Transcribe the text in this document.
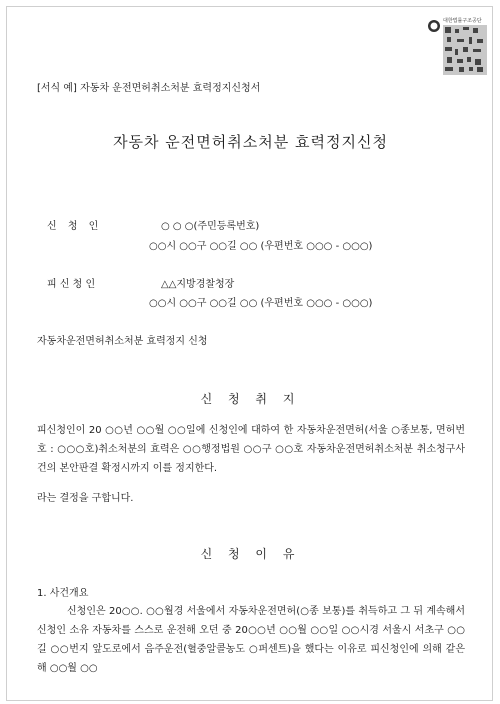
대한법률구조공단
[서식 예] 자동차 운전면허취소처분 효력정지신청서
자동차 운전면허취소처분 효력정지신청
신 청 인	○ ○ ○(주민등록번호)
○○시 ○○구 ○○길 ○○ (우편번호 ○○○ - ○○○)
피 신 청 인	△△지방경찰청장
○○시 ○○구 ○○길 ○○ (우편번호 ○○○ - ○○○)
자동차운전면허취소처분 효력정지 신청
신 청 취 지
피신청인이 20 ○○년 ○○월 ○○일에 신청인에 대하여 한 자동차운전면허(서울 ○종보통, 면허번호 : ○○○호)취소처분의 효력은 ○○행정법원 ○○구 ○○호 자동차운전면허취소처분 취소청구사건의 본안판결 확정시까지 이를 정지한다.
라는 결정을 구합니다.
신 청 이 유
1. 사건개요
신청인은 20○○. ○○월경 서울에서 자동차운전면허(○종 보통)를 취득하고 그 뒤 계속해서 신청인 소유 자동차를 스스로 운전해 오던 중 20○○년 ○○월 ○○일 ○○시경 서울시 서초구 ○○길 ○○번지 앞도로에서 음주운전(혈중알콜농도 ○퍼센트)을 했다는 이유로 피신청인에 의해 같은 해 ○○월 ○○
